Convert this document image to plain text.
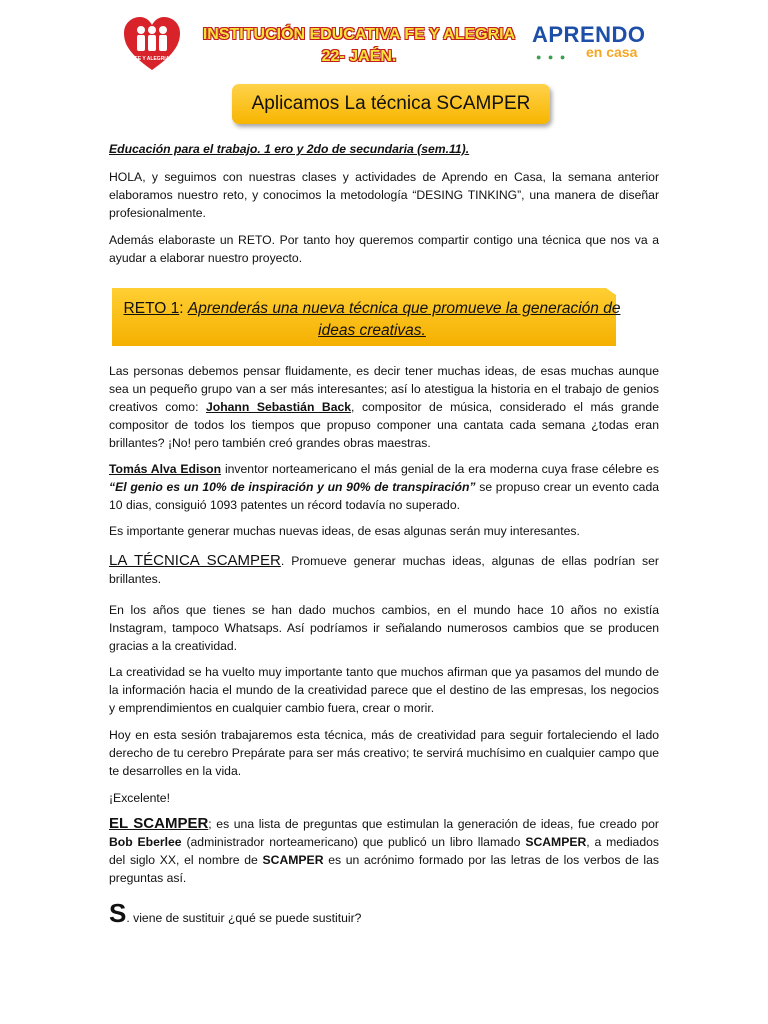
FE Y ALEGRIA
INSTITUCIÓN EDUCATIVA FE Y ALEGRIA
22- JAÉN.
APRENDO
● ● ● en casa
Aplicamos La técnica SCAMPER
Educación para el trabajo. 1 ero y 2do de secundaria (sem.11).

HOLA, y seguimos con nuestras clases y actividades de Aprendo en Casa, la semana anterior elaboramos nuestro reto, y conocimos la metodología “DESING TINKING”, una manera de diseñar profesionalmente.

Además elaboraste un RETO. Por tanto hoy queremos compartir contigo una técnica que nos va a ayudar a elaborar nuestro proyecto.

RETO 1: Aprenderás una nueva técnica que promueve la generación de ideas creativas.

Las personas debemos pensar fluidamente, es decir tener muchas ideas, de esas muchas aunque sea un pequeño grupo van a ser más interesantes; así lo atestigua la historia en el trabajo de genios creativos como: Johann Sebastián Back, compositor de música, considerado el más grande compositor de todos los tiempos que propuso componer una cantata cada semana ¿todas eran brillantes? ¡No! pero también creó grandes obras maestras.

Tomás Alva Edison inventor norteamericano el más genial de la era moderna cuya frase célebre es “El genio es un 10% de inspiración y un 90% de transpiración” se propuso crear un evento cada 10 dias, consiguió 1093 patentes un récord todavía no superado.

Es importante generar muchas nuevas ideas, de esas algunas serán muy interesantes.

LA TÉCNICA SCAMPER. Promueve generar muchas ideas, algunas de ellas podrían ser brillantes.

En los años que tienes se han dado muchos cambios, en el mundo hace 10 años no existía Instagram, tampoco Whatsaps. Así podríamos ir señalando numerosos cambios que se producen gracias a la creatividad.

La creatividad se ha vuelto muy importante tanto que muchos afirman que ya pasamos del mundo de la información hacia el mundo de la creatividad parece que el destino de las empresas, los negocios y emprendimientos en cualquier cambio fuera, crear o morir.

Hoy en esta sesión trabajaremos esta técnica, más de creatividad para seguir fortaleciendo el lado derecho de tu cerebro Prepárate para ser más creativo; te servirá muchísimo en cualquier campo que te desarrolles en la vida.

¡Excelente!

EL SCAMPER; es una lista de preguntas que estimulan la generación de ideas, fue creado por Bob Eberlee (administrador norteamericano) que publicó un libro llamado SCAMPER, a mediados del siglo XX, el nombre de SCAMPER es un acrónimo formado por las letras de los verbos de las preguntas así.

S. viene de sustituir ¿qué se puede sustituir?
